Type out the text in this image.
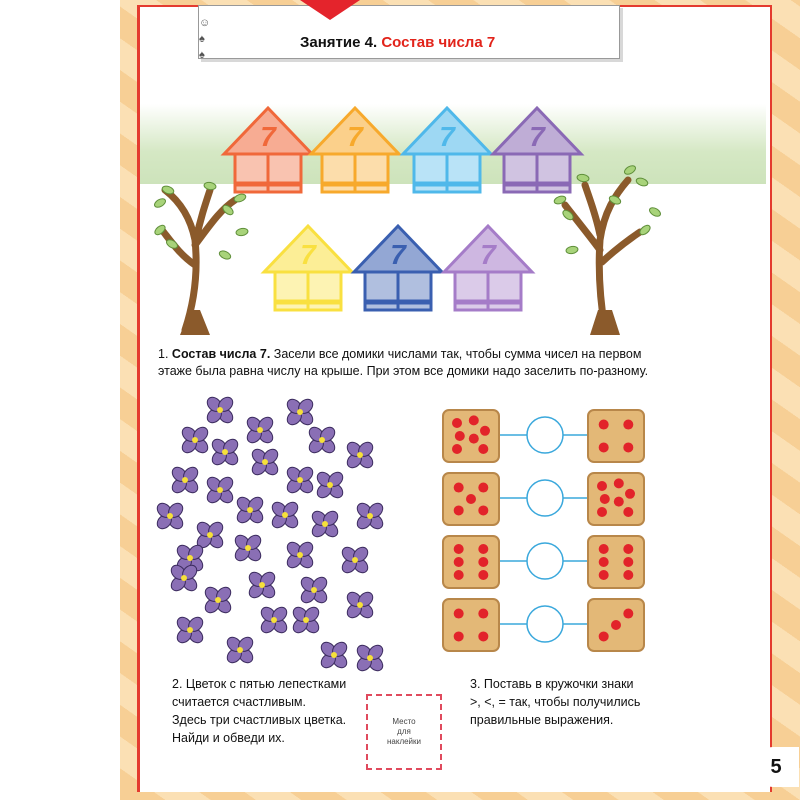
☺
♠
♠
Занятие 4. Состав числа 7
7	7	7	7
7	7	7
1. Состав числа 7. Засели все домики числами так, чтобы сумма чисел на первом
этаже была равна числу на крыше. При этом все домики надо заселить по-разному.
2. Цветок с пятью лепестками
считается счастливым.
Здесь три счастливых цветка.
Найди и обведи их.
3. Поставь в кружочки знаки
>, <, = так, чтобы получились
правильные выражения.
Место
для
наклейки
5
